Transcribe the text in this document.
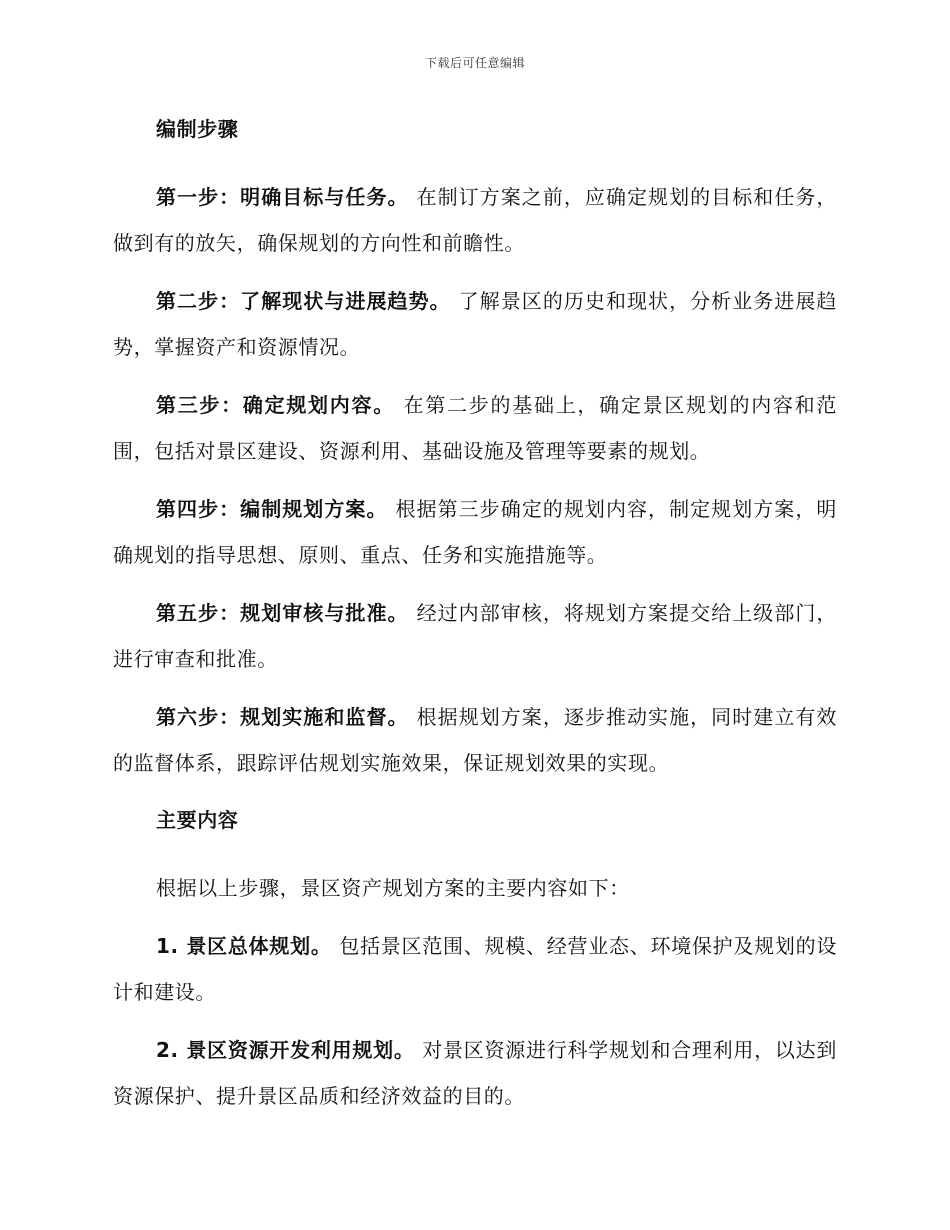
下载后可任意编辑
编制步骤

第一步：明确目标与任务。 在制订方案之前，应确定规划的目标和任务，做到有的放矢，确保规划的方向性和前瞻性。

第二步：了解现状与进展趋势。 了解景区的历史和现状，分析业务进展趋势，掌握资产和资源情况。

第三步：确定规划内容。 在第二步的基础上，确定景区规划的内容和范围，包括对景区建设、资源利用、基础设施及管理等要素的规划。

第四步：编制规划方案。 根据第三步确定的规划内容，制定规划方案，明确规划的指导思想、原则、重点、任务和实施措施等。

第五步：规划审核与批准。 经过内部审核，将规划方案提交给上级部门，进行审查和批准。

第六步：规划实施和监督。 根据规划方案，逐步推动实施，同时建立有效的监督体系，跟踪评估规划实施效果，保证规划效果的实现。

主要内容
根据以上步骤，景区资产规划方案的主要内容如下：

1. 景区总体规划。 包括景区范围、规模、经营业态、环境保护及规划的设计和建设。

2. 景区资源开发利用规划。 对景区资源进行科学规划和合理利用，以达到资源保护、提升景区品质和经济效益的目的。
